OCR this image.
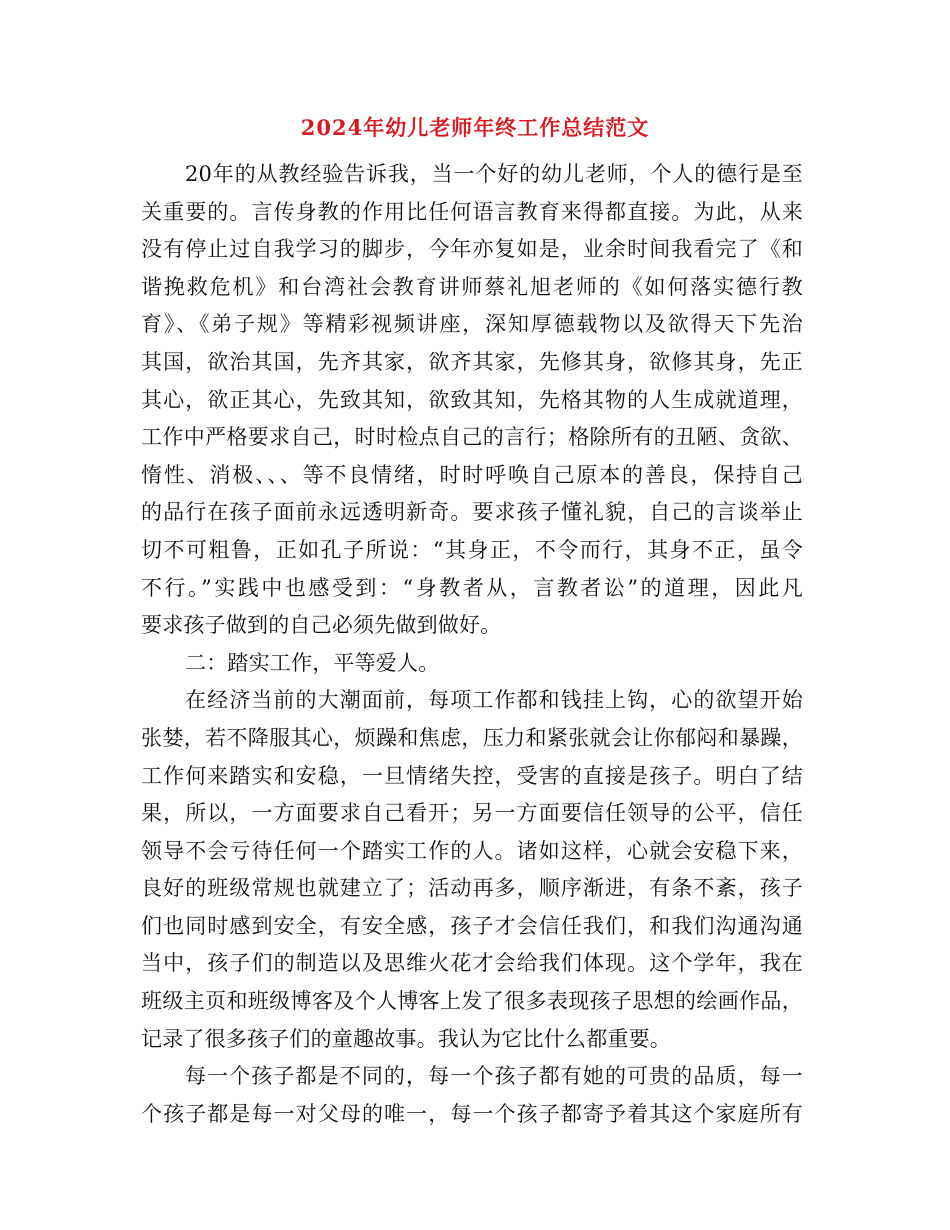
2024年幼儿老师年终工作总结范文
20年的从教经验告诉我，当一个好的幼儿老师，个人的德行是至
关重要的。言传身教的作用比任何语言教育来得都直接。为此，从来
没有停止过自我学习的脚步，今年亦复如是，业余时间我看完了《和
谐挽救危机》和台湾社会教育讲师蔡礼旭老师的《如何落实德行教
育》、《弟子规》等精彩视频讲座，深知厚德载物以及欲得天下先治
其国，欲治其国，先齐其家，欲齐其家，先修其身，欲修其身，先正
其心，欲正其心，先致其知，欲致其知，先格其物的人生成就道理，
工作中严格要求自己，时时检点自己的言行；格除所有的丑陋、贪欲、
惰性、消极、、、等不良情绪，时时呼唤自己原本的善良，保持自己
的品行在孩子面前永远透明新奇。要求孩子懂礼貌，自己的言谈举止
切不可粗鲁，正如孔子所说：“其身正，不令而行，其身不正，虽令
不行。”实践中也感受到：“身教者从，言教者讼”的道理，因此凡
要求孩子做到的自己必须先做到做好。
二：踏实工作，平等爱人。
在经济当前的大潮面前，每项工作都和钱挂上钩，心的欲望开始
张婪，若不降服其心，烦躁和焦虑，压力和紧张就会让你郁闷和暴躁，
工作何来踏实和安稳，一旦情绪失控，受害的直接是孩子。明白了结
果，所以，一方面要求自己看开；另一方面要信任领导的公平，信任
领导不会亏待任何一个踏实工作的人。诸如这样，心就会安稳下来，
良好的班级常规也就建立了；活动再多，顺序渐进，有条不紊，孩子
们也同时感到安全，有安全感，孩子才会信任我们，和我们沟通沟通
当中，孩子们的制造以及思维火花才会给我们体现。这个学年，我在
班级主页和班级博客及个人博客上发了很多表现孩子思想的绘画作品，
记录了很多孩子们的童趣故事。我认为它比什么都重要。
每一个孩子都是不同的，每一个孩子都有她的可贵的品质，每一
个孩子都是每一对父母的唯一，每一个孩子都寄予着其这个家庭所有
